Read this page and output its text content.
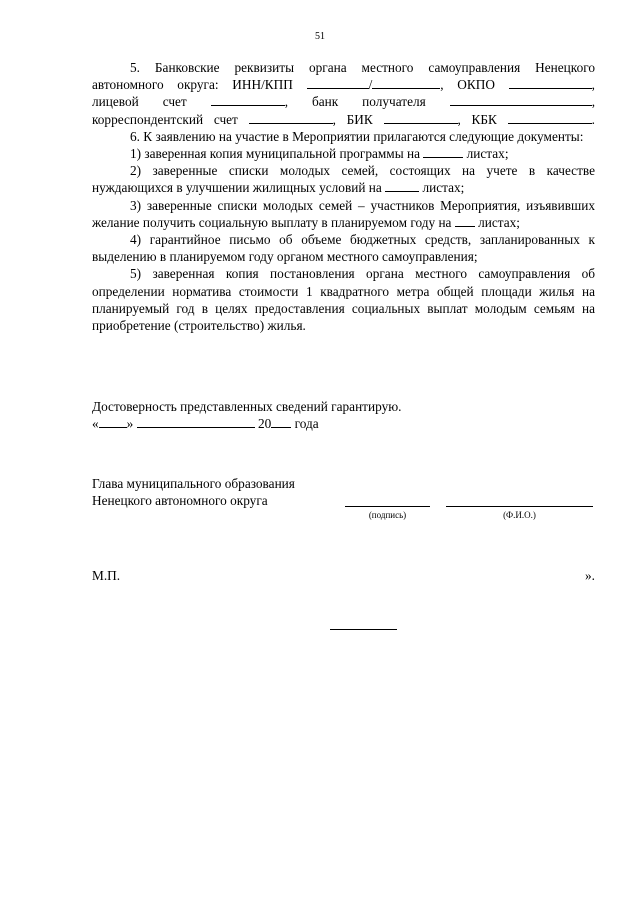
51

5. Банковские реквизиты органа местного самоуправления Ненецкого

автономного округа: ИНН/КПП	/	, ОКПО	,

лицевой счет	, банк получателя	,

корреспондентский счет	, БИК	, КБК	.

6. К заявлению на участие в Мероприятии прилагаются следующие документы:

1) заверенная копия муниципальной программы на	листах;

2) заверенные списки молодых семей, состоящих на учете в качестве нуждающихся в улучшении жилищных условий на	листах;

3) заверенные списки молодых семей – участников Мероприятия, изъявивших желание получить социальную выплату в планируемом году на листах;

4) гарантийное письмо об объеме бюджетных средств, запланированных к выделению в планируемом году органом местного самоуправления;

5) заверенная копия постановления органа местного самоуправления об определении норматива стоимости 1 квадратного метра общей площади жилья на планируемый год в целях предоставления социальных выплат молодым семьям на приобретение (строительство) жилья.

Достоверность представленных сведений гарантирую.

« »	20 года

Глава муниципального образования

Ненецкого автономного округа

(подпись)	(Ф.И.О.)
М.П.	».
